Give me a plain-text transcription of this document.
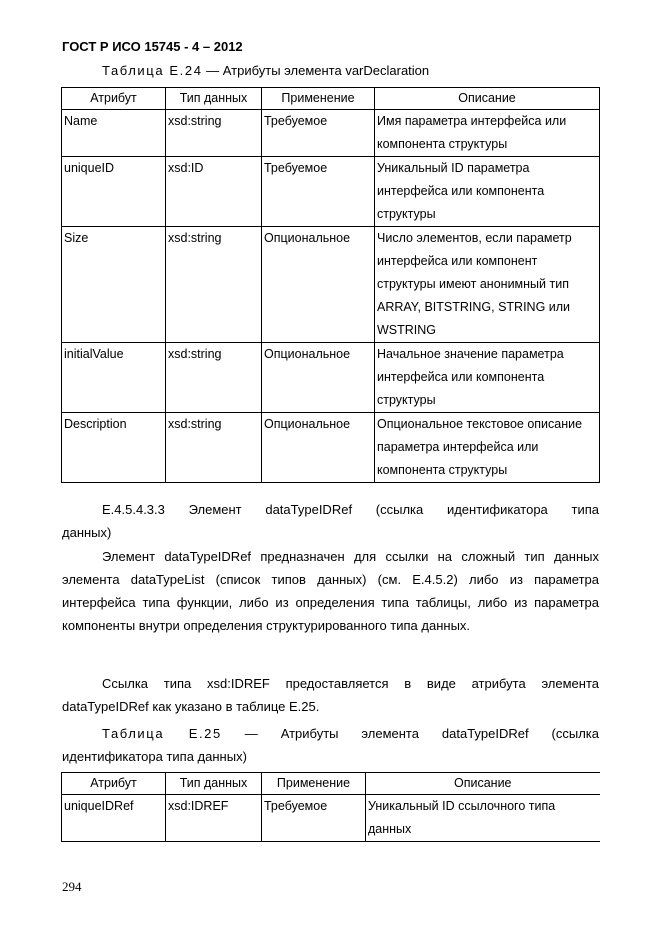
ГОСТ Р ИСО 15745 - 4 – 2012
Таблица Е.24 — Атрибуты элемента varDeclaration
Атрибут	Тип данных	Применение	Описание
Name	xsd:string	Требуемое	Имя параметра интерфейса или компонента структуры
uniqueID	xsd:ID	Требуемое	Уникальный ID параметра интерфейса или компонента структуры
Size	xsd:string	Опциональное	Число элементов, если параметр интерфейса или компонент структуры имеют анонимный тип ARRAY, BITSTRING, STRING или WSTRING
initialValue	xsd:string	Опциональное	Начальное значение параметра интерфейса или компонента структуры
Description	xsd:string	Опциональное	Опциональное текстовое описание параметра интерфейса или компонента структуры
Е.4.5.4.3.3 Элемент dataTypeIDRef (ссылка идентификатора типа
данных)
Элемент dataTypeIDRef предназначен для ссылки на сложный тип данных элемента dataTypeList (список типов данных) (см. Е.4.5.2) либо из параметра интерфейса типа функции, либо из определения типа таблицы, либо из параметра компоненты внутри определения структурированного типа данных.
Ссылка типа xsd:IDREF предоставляется в виде атрибута элемента dataTypeIDRef как указано в таблице Е.25.
Таблица Е.25 — Атрибуты элемента dataTypeIDRef (ссылка
идентификатора типа данных)
Атрибут	Тип данных	Применение	Описание
uniqueIDRef	xsd:IDREF	Требуемое	Уникальный ID ссылочного типа данных
294
